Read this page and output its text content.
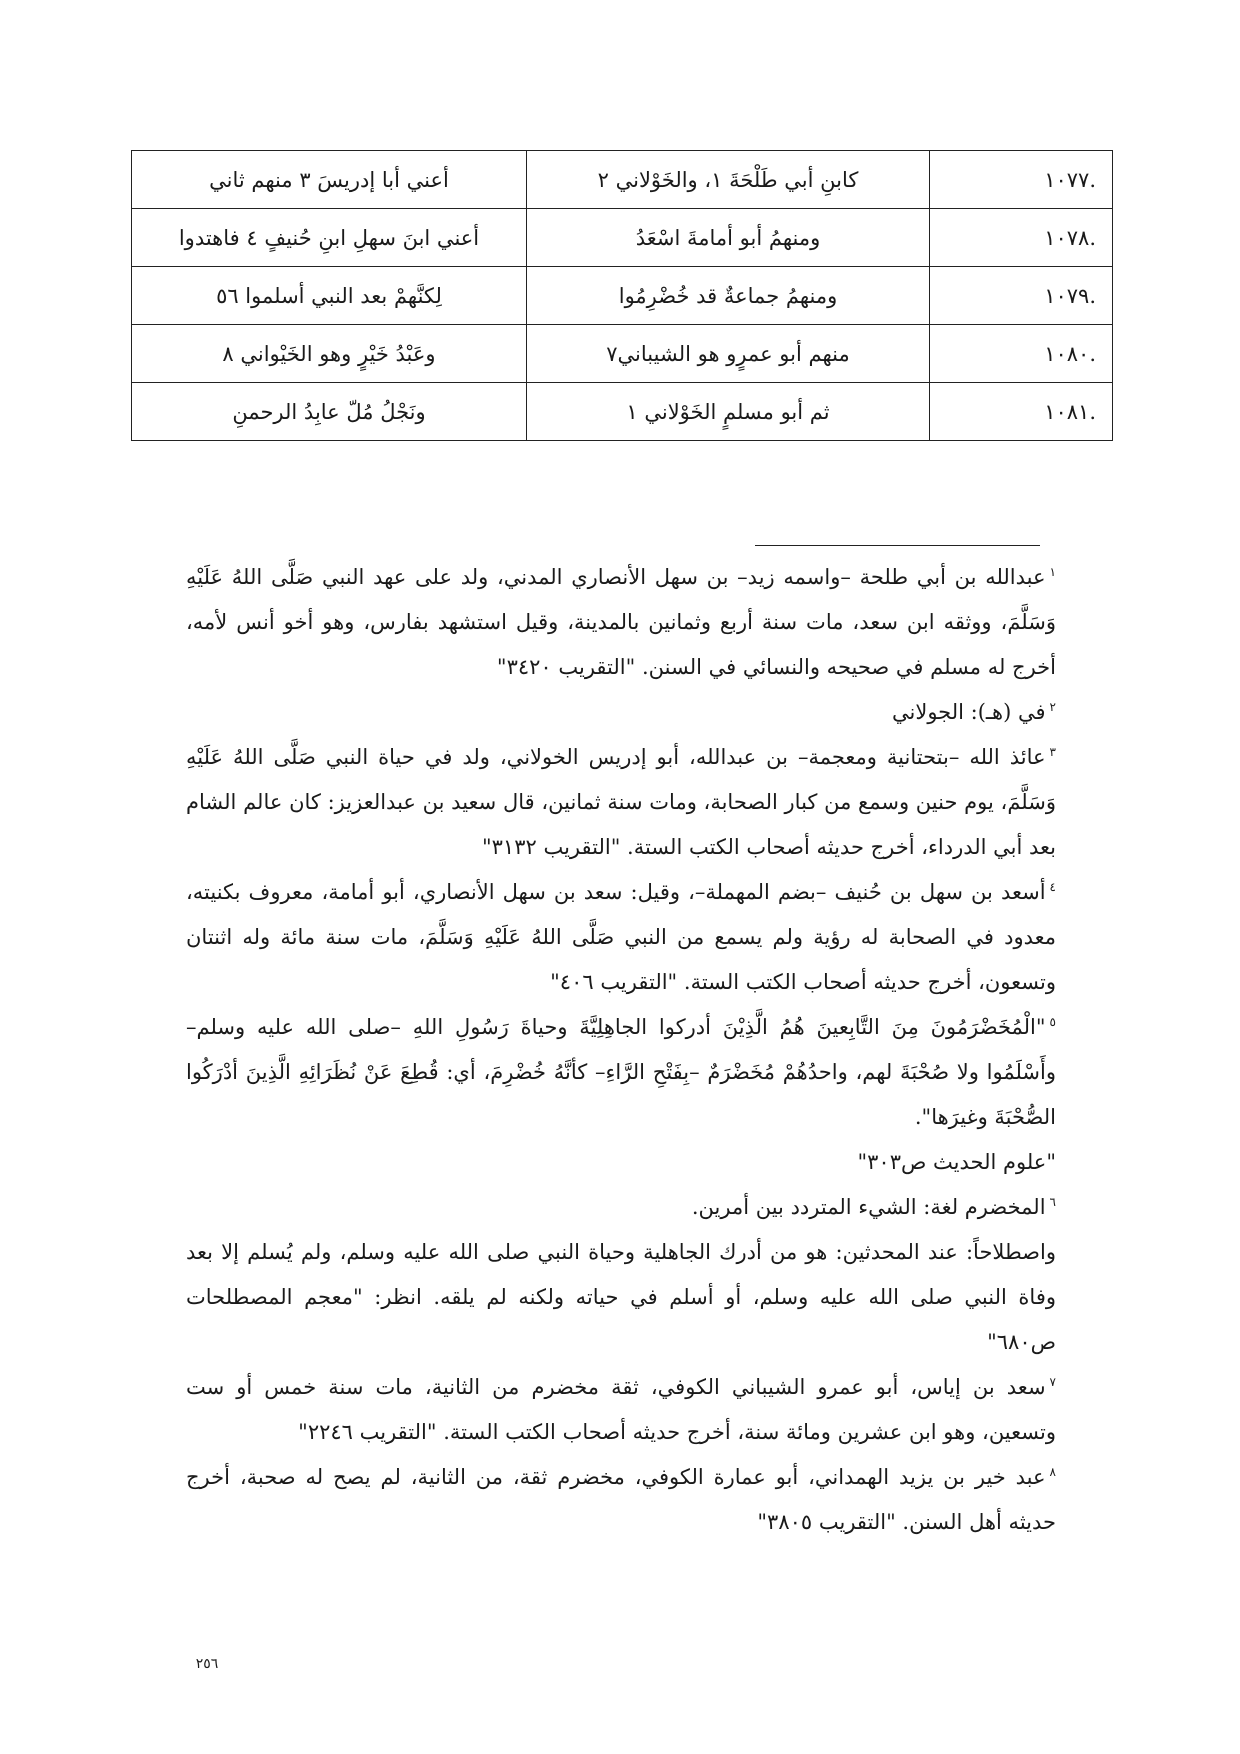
.١٠٧٧	كابنِ أبي طَلْحَةَ ١، والخَوْلاني ٢	أعني أبا إدريسَ ٣ منهم ثاني
.١٠٧٨	ومنهمُ أبو أمامةَ اسْعَدُ	أعني ابنَ سهلِ ابنِ حُنيفٍ ٤ فاهتدوا
.١٠٧٩	ومنهمُ جماعةٌ قد خُضْرِمُوا	لِكنَّهمْ بعد النبي أسلموا ٥٦
.١٠٨٠	منهم أبو عمرٍو هو الشيباني٧	وعَبْدُ خَيْرٍ وهو الخَيْواني ٨
.١٠٨١	ثم أبو مسلمٍ الخَوْلاني ١	ونَجْلُ مُلّ عابِدُ الرحمنِ

$^١$عبدالله بن أبي طلحة –واسمه زيد– بن سهل الأنصاري المدني، ولد على عهد النبي صَلَّى اللهُ عَلَيْهِ وَسَلَّمَ، ووثقه ابن سعد، مات سنة أربع وثمانين بالمدينة، وقيل استشهد بفارس، وهو أخو أنس لأمه، أخرج له مسلم في صحيحه والنسائي في السنن. "التقريب ٣٤٢٠"

$^٢$في (هـ): الجولاني

$^٣$عائذ الله –بتحتانية ومعجمة– بن عبدالله، أبو إدريس الخولاني، ولد في حياة النبي صَلَّى اللهُ عَلَيْهِ وَسَلَّمَ، يوم حنين وسمع من كبار الصحابة، ومات سنة ثمانين، قال سعيد بن عبدالعزيز: كان عالم الشام بعد أبي الدرداء، أخرج حديثه أصحاب الكتب الستة. "التقريب ٣١٣٢"

$^٤$أسعد بن سهل بن حُنيف –بضم المهملة–، وقيل: سعد بن سهل الأنصاري، أبو أمامة، معروف بكنيته، معدود في الصحابة له رؤية ولم يسمع من النبي صَلَّى اللهُ عَلَيْهِ وَسَلَّمَ، مات سنة مائة وله اثنتان وتسعون، أخرج حديثه أصحاب الكتب الستة. "التقريب ٤٠٦"

$^٥$"الْمُخَضْرَمُونَ مِنَ التَّابِعينَ هُمُ الَّذِيْنَ أدركوا الجاهِلِيَّةَ وحياةَ رَسُولِ اللهِ –صلى الله عليه وسلم– وأَسْلَمُوا ولا صُحْبَةَ لهم، واحدُهُمْ مُخَضْرَمٌ –بِفَتْحِ الرَّاءِ– كأنَّهُ خُضْرِمَ، أي: قُطِعَ عَنْ نُظَرَائِهِ الَّذِينَ أدْرَكُوا الصُّحْبَةَ وغيرَها".

"علوم الحديث ص٣٠٣"

$^٦$المخضرم لغة: الشيء المتردد بين أمرين.

واصطلاحاً: عند المحدثين: هو من أدرك الجاهلية وحياة النبي صلى الله عليه وسلم، ولم يُسلم إلا بعد وفاة النبي صلى الله عليه وسلم، أو أسلم في حياته ولكنه لم يلقه. انظر: "معجم المصطلحات ص٦٨٠"

$^٧$سعد بن إياس، أبو عمرو الشيباني الكوفي، ثقة مخضرم من الثانية، مات سنة خمس أو ست وتسعين، وهو ابن عشرين ومائة سنة، أخرج حديثه أصحاب الكتب الستة. "التقريب ٢٢٤٦"

$^٨$عبد خير بن يزيد الهمداني، أبو عمارة الكوفي، مخضرم ثقة، من الثانية، لم يصح له صحبة، أخرج حديثه أهل السنن. "التقريب ٣٨٠٥"

٢٥٦
